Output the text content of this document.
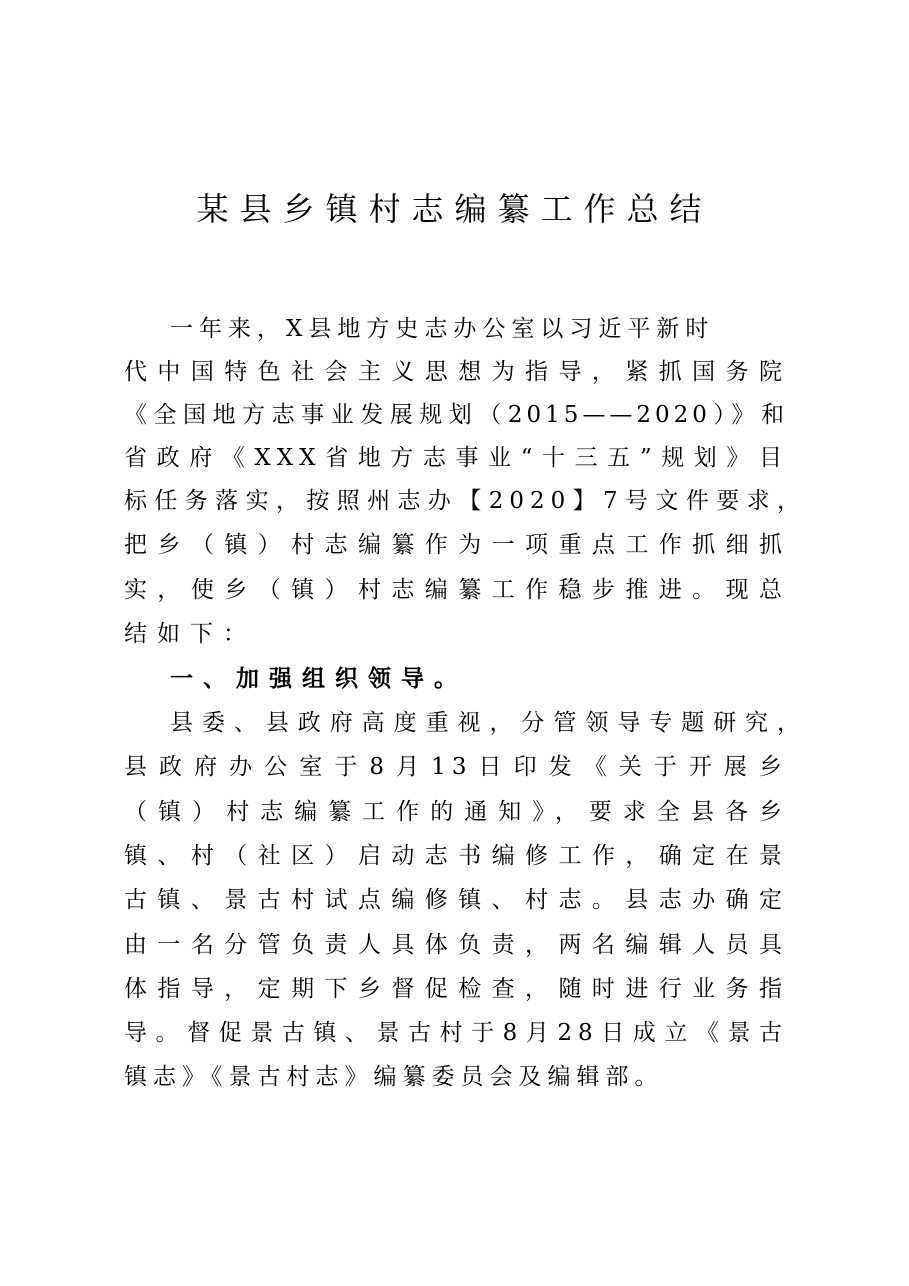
某县乡镇村志编纂工作总结
一年来，X县地方史志办公室以习近平新时
代中国特色社会主义思想为指导，紧抓国务院
《全国地方志事业发展规划（2015——2020）》和
省政府《XXX省地方志事业“十三五”规划》目
标任务落实，按照州志办【2020】7号文件要求，
把乡（镇）村志编纂作为一项重点工作抓细抓
实，使乡（镇）村志编纂工作稳步推进。现总
结如下：
一、加强组织领导。
县委、县政府高度重视，分管领导专题研究，
县政府办公室于8月13日印发《关于开展乡
（镇）村志编纂工作的通知》，要求全县各乡
镇、村（社区）启动志书编修工作，确定在景
古镇、景古村试点编修镇、村志。县志办确定
由一名分管负责人具体负责，两名编辑人员具
体指导，定期下乡督促检查，随时进行业务指
导。督促景古镇、景古村于8月28日成立《景古
镇志》《景古村志》编纂委员会及编辑部。
